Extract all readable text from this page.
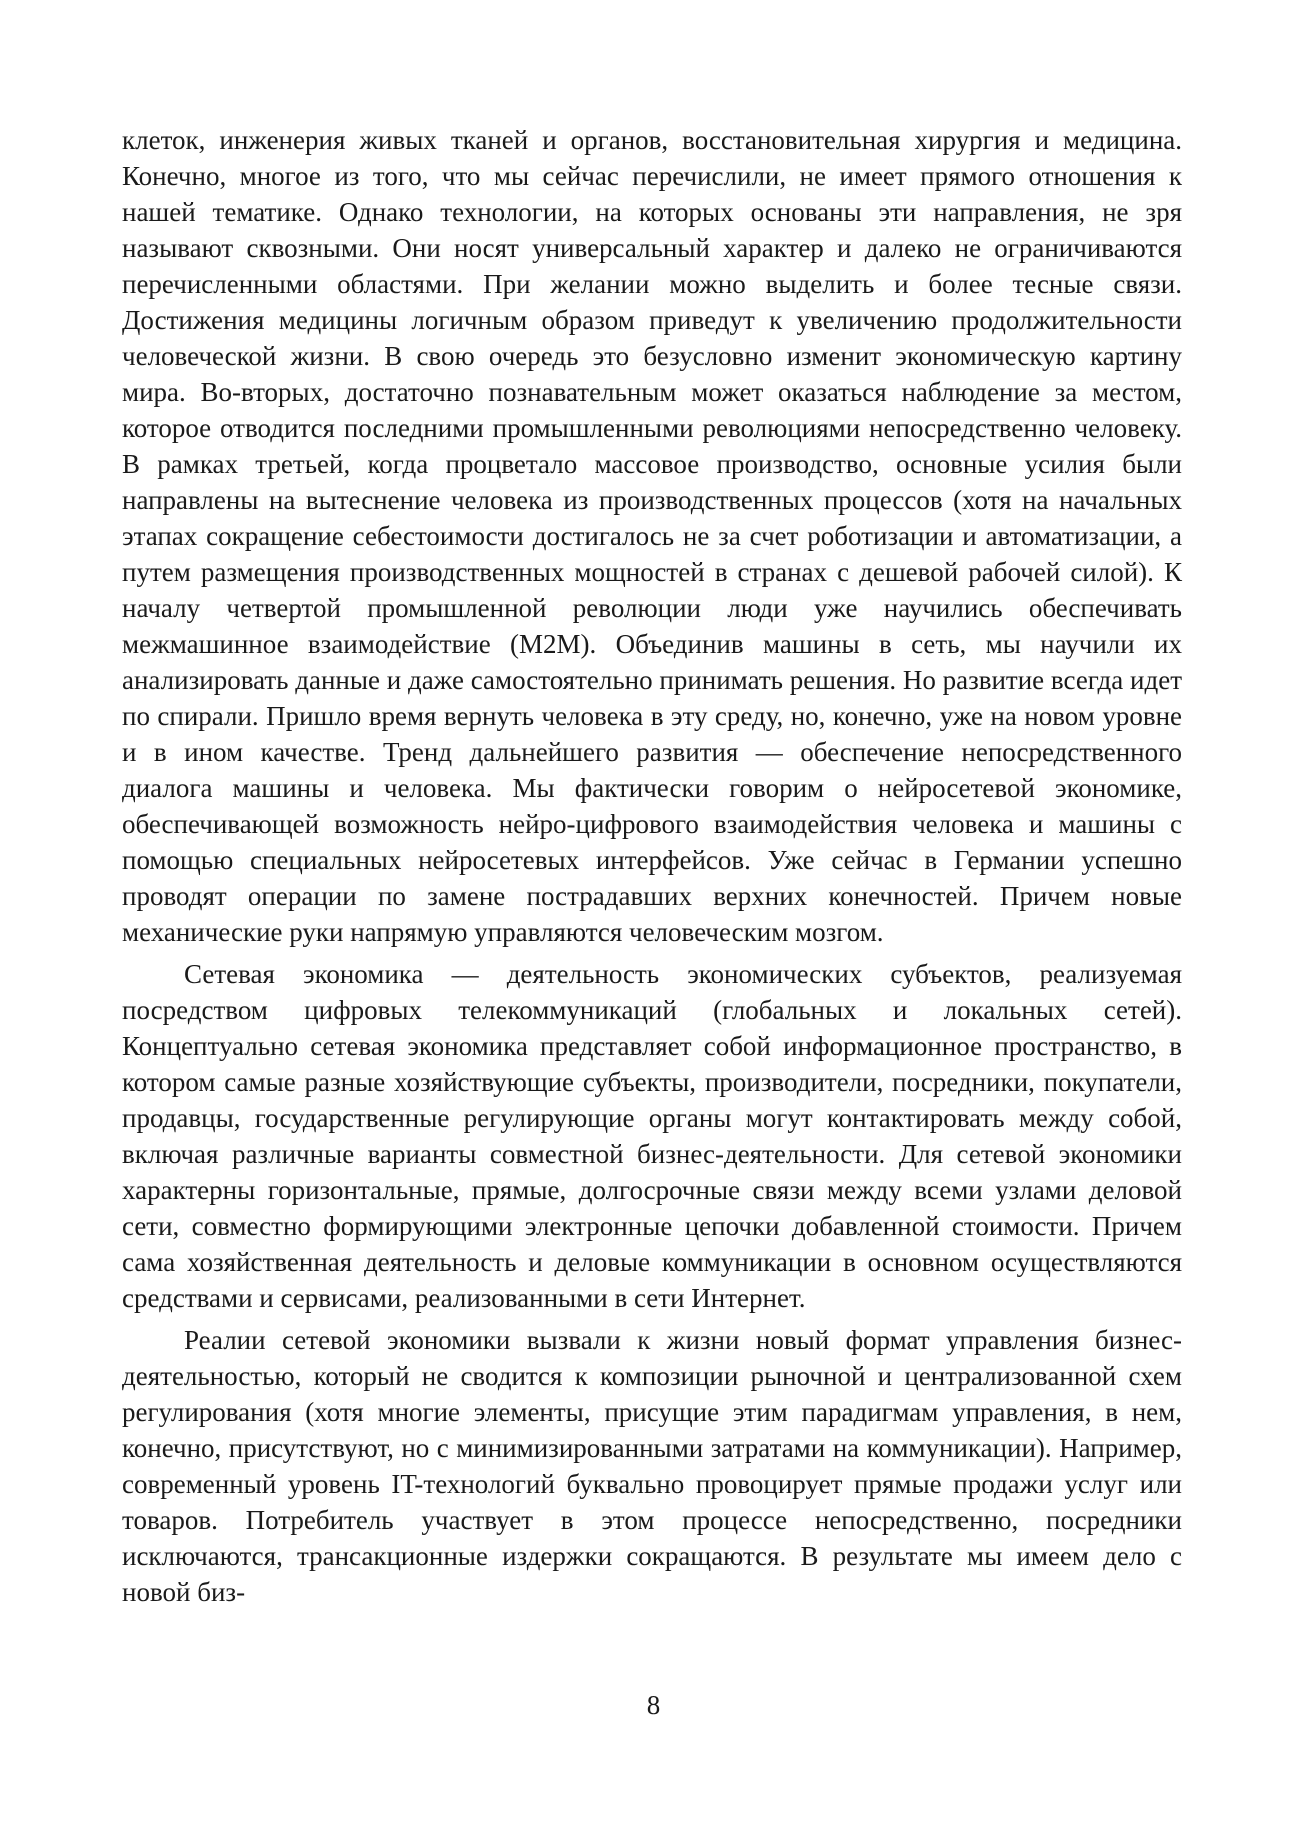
клеток, инженерия живых тканей и органов, восстановительная хирургия и медицина. Конечно, многое из того, что мы сейчас перечислили, не имеет прямого отношения к нашей тематике. Однако технологии, на которых основаны эти направления, не зря называют сквозными. Они носят универсальный характер и далеко не ограничиваются перечисленными областями. При желании можно выделить и более тесные связи. Достижения медицины логичным образом приведут к увеличению продолжительности человеческой жизни. В свою очередь это безусловно изменит экономическую картину мира. Во-вторых, достаточно познавательным может оказаться наблюдение за местом, которое отводится последними промышленными революциями непосредственно человеку. В рамках третьей, когда процветало массовое производство, основные усилия были направлены на вытеснение человека из производственных процессов (хотя на начальных этапах сокращение себестоимости достигалось не за счет роботизации и автоматизации, а путем размещения производственных мощностей в странах с дешевой рабочей силой). К началу четвертой промышленной революции люди уже научились обеспечивать межмашинное взаимодействие (M2M). Объединив машины в сеть, мы научили их анализировать данные и даже самостоятельно принимать решения. Но развитие всегда идет по спирали. Пришло время вернуть человека в эту среду, но, конечно, уже на новом уровне и в ином качестве. Тренд дальнейшего развития — обеспечение непосредственного диалога машины и человека. Мы фактически говорим о нейросетевой экономике, обеспечивающей возможность нейро-цифрового взаимодействия человека и машины с помощью специальных нейросетевых интерфейсов. Уже сейчас в Германии успешно проводят операции по замене пострадавших верхних конечностей. Причем новые механические руки напрямую управляются человеческим мозгом.

Сетевая экономика — деятельность экономических субъектов, реализуемая посредством цифровых телекоммуникаций (глобальных и локальных сетей). Концептуально сетевая экономика представляет собой информационное пространство, в котором самые разные хозяйствующие субъекты, производители, посредники, покупатели, продавцы, государственные регулирующие органы могут контактировать между собой, включая различные варианты совместной бизнес-деятельности. Для сетевой экономики характерны горизонтальные, прямые, долгосрочные связи между всеми узлами деловой сети, совместно формирующими электронные цепочки добавленной стоимости. Причем сама хозяйственная деятельность и деловые коммуникации в основном осуществляются средствами и сервисами, реализованными в сети Интернет.

Реалии сетевой экономики вызвали к жизни новый формат управления бизнес-деятельностью, который не сводится к композиции рыночной и централизованной схем регулирования (хотя многие элементы, присущие этим парадигмам управления, в нем, конечно, присутствуют, но с минимизированными затратами на коммуникации). Например, современный уровень IT-технологий буквально провоцирует прямые продажи услуг или товаров. Потребитель участвует в этом процессе непосредственно, посредники исключаются, трансакционные издержки сокращаются. В результате мы имеем дело с новой биз-

8
